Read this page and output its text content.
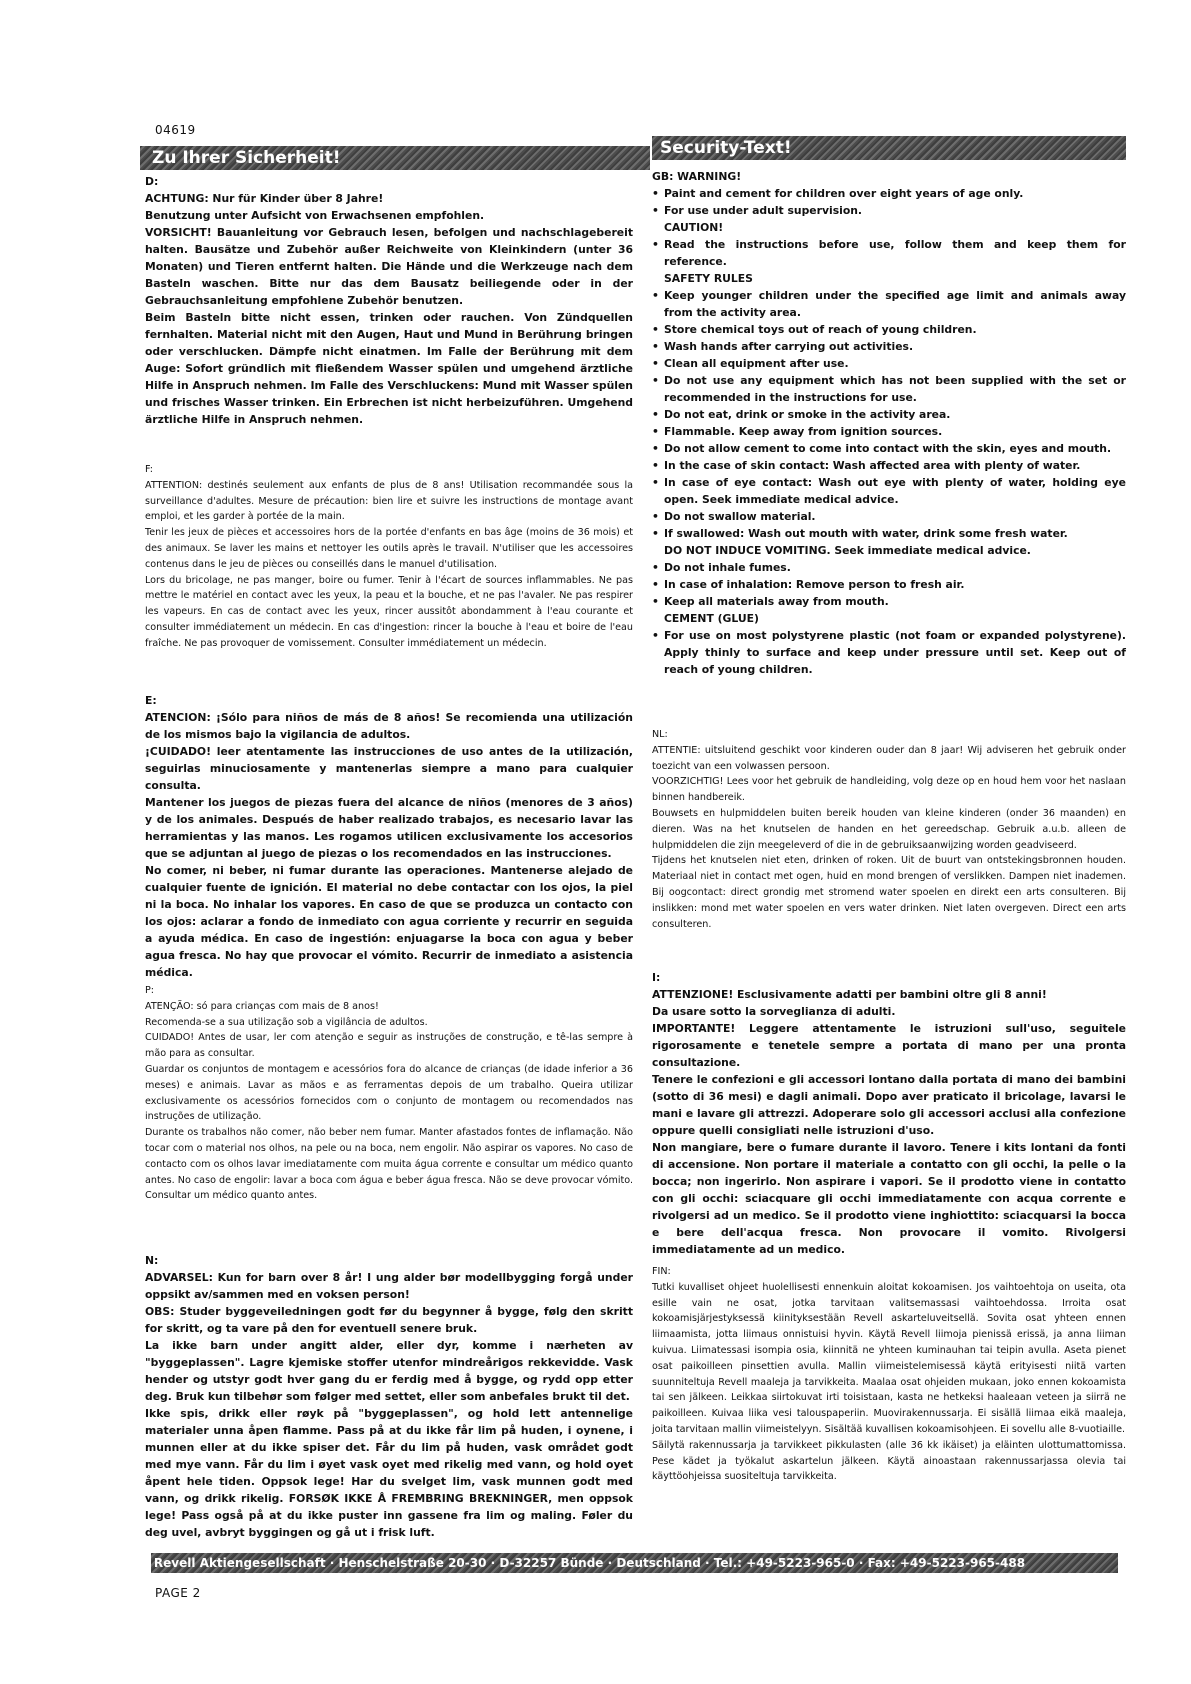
04619
Zu Ihrer Sicherheit!	Security-Text!

D:

ACHTUNG: Nur für Kinder über 8 Jahre!

Benutzung unter Aufsicht von Erwachsenen empfohlen.

VORSICHT! Bauanleitung vor Gebrauch lesen, befolgen und nachschlagebereit halten. Bausätze und Zubehör außer Reichweite von Kleinkindern (unter 36 Monaten) und Tieren entfernt halten. Die Hände und die Werkzeuge nach dem Basteln waschen. Bitte nur das dem Bausatz beiliegende oder in der Gebrauchsanleitung empfohlene Zubehör benutzen.

Beim Basteln bitte nicht essen, trinken oder rauchen. Von Zündquellen fernhalten. Material nicht mit den Augen, Haut und Mund in Berührung bringen oder verschlucken. Dämpfe nicht einatmen. Im Falle der Berührung mit dem Auge: Sofort gründlich mit fließendem Wasser spülen und umgehend ärztliche Hilfe in Anspruch nehmen. Im Falle des Verschluckens: Mund mit Wasser spülen und frisches Wasser trinken. Ein Erbrechen ist nicht herbeizuführen. Umgehend ärztliche Hilfe in Anspruch nehmen.

F:

ATTENTION: destinés seulement aux enfants de plus de 8 ans! Utilisation recommandée sous la surveillance d'adultes. Mesure de précaution: bien lire et suivre les instructions de montage avant emploi, et les garder à portée de la main.

Tenir les jeux de pièces et accessoires hors de la portée d'enfants en bas âge (moins de 36 mois) et des animaux. Se laver les mains et nettoyer les outils après le travail. N'utiliser que les accessoires contenus dans le jeu de pièces ou conseillés dans le manuel d'utilisation.

Lors du bricolage, ne pas manger, boire ou fumer. Tenir à l'écart de sources inflammables. Ne pas mettre le matériel en contact avec les yeux, la peau et la bouche, et ne pas l'avaler. Ne pas respirer les vapeurs. En cas de contact avec les yeux, rincer aussitôt abondamment à l'eau courante et consulter immédiatement un médecin. En cas d'ingestion: rincer la bouche à l'eau et boire de l'eau fraîche. Ne pas provoquer de vomissement. Consulter immédiatement un médecin.

E:

ATENCION: ¡Sólo para niños de más de 8 años! Se recomienda una utilización de los mismos bajo la vigilancia de adultos.

¡CUIDADO! leer atentamente las instrucciones de uso antes de la utilización, seguirlas minuciosamente y mantenerlas siempre a mano para cualquier consulta.

Mantener los juegos de piezas fuera del alcance de niños (menores de 3 años) y de los animales. Después de haber realizado trabajos, es necesario lavar las herramientas y las manos. Les rogamos utilicen exclusivamente los accesorios que se adjuntan al juego de piezas o los recomendados en las instrucciones.

No comer, ni beber, ni fumar durante las operaciones. Mantenerse alejado de cualquier fuente de ignición. El material no debe contactar con los ojos, la piel ni la boca. No inhalar los vapores. En caso de que se produzca un contacto con los ojos: aclarar a fondo de inmediato con agua corriente y recurrir en seguida a ayuda médica. En caso de ingestión: enjuagarse la boca con agua y beber agua fresca. No hay que provocar el vómito. Recurrir de inmediato a asistencia médica.

P:

ATENÇÃO: só para crianças com mais de 8 anos!

Recomenda-se a sua utilização sob a vigilância de adultos.

CUIDADO! Antes de usar, ler com atenção e seguir as instruções de construção, e tê-las sempre à mão para as consultar.

Guardar os conjuntos de montagem e acessórios fora do alcance de crianças (de idade inferior a 36 meses) e animais. Lavar as mãos e as ferramentas depois de um trabalho. Queira utilizar exclusivamente os acessórios fornecidos com o conjunto de montagem ou recomendados nas instruções de utilização.

Durante os trabalhos não comer, não beber nem fumar. Manter afastados fontes de inflamação. Não tocar com o material nos olhos, na pele ou na boca, nem engolir. Não aspirar os vapores. No caso de contacto com os olhos lavar imediatamente com muita água corrente e consultar um médico quanto antes. No caso de engolir: lavar a boca com água e beber água fresca. Não se deve provocar vómito. Consultar um médico quanto antes.

N:

ADVARSEL: Kun for barn over 8 år! I ung alder bør modellbygging forgå under oppsikt av/sammen med en voksen person!

OBS: Studer byggeveiledningen godt før du begynner å bygge, følg den skritt for skritt, og ta vare på den for eventuell senere bruk.

La ikke barn under angitt alder, eller dyr, komme i nærheten av "byggeplassen". Lagre kjemiske stoffer utenfor mindreårigos rekkevidde. Vask hender og utstyr godt hver gang du er ferdig med å bygge, og rydd opp etter deg. Bruk kun tilbehør som følger med settet, eller som anbefales brukt til det.

Ikke spis, drikk eller røyk på "byggeplassen", og hold lett antennelige materialer unna åpen flamme. Pass på at du ikke får lim på huden, i oynene, i munnen eller at du ikke spiser det. Får du lim på huden, vask området godt med mye vann. Får du lim i øyet vask oyet med rikelig med vann, og hold oyet åpent hele tiden. Oppsok lege! Har du svelget lim, vask munnen godt med vann, og drikk rikelig. FORSØK IKKE Å FREMBRING BREKNINGER, men oppsok lege! Pass også på at du ikke puster inn gassene fra lim og maling. Føler du deg uvel, avbryt byggingen og gå ut i frisk luft.

GB: WARNING!

• Paint and cement for children over eight years of age only.
• For use under adult supervision.

CAUTION!

• Read the instructions before use, follow them and keep them for reference.

SAFETY RULES

• Keep younger children under the specified age limit and animals away from the activity area.
• Store chemical toys out of reach of young children.
• Wash hands after carrying out activities.
• Clean all equipment after use.
• Do not use any equipment which has not been supplied with the set or recommended in the instructions for use.
• Do not eat, drink or smoke in the activity area.
• Flammable. Keep away from ignition sources.
• Do not allow cement to come into contact with the skin, eyes and mouth.
• In the case of skin contact: Wash affected area with plenty of water.
• In case of eye contact: Wash out eye with plenty of water, holding eye open. Seek immediate medical advice.
• Do not swallow material.
• If swallowed: Wash out mouth with water, drink some fresh water.

DO NOT INDUCE VOMITING. Seek immediate medical advice.

• Do not inhale fumes.
• In case of inhalation: Remove person to fresh air.
• Keep all materials away from mouth.

CEMENT (GLUE)

• For use on most polystyrene plastic (not foam or expanded polystyrene). Apply thinly to surface and keep under pressure until set. Keep out of reach of young children.

NL:

ATTENTIE: uitsluitend geschikt voor kinderen ouder dan 8 jaar! Wij adviseren het gebruik onder toezicht van een volwassen persoon.

VOORZICHTIG! Lees voor het gebruik de handleiding, volg deze op en houd hem voor het naslaan binnen handbereik.

Bouwsets en hulpmiddelen buiten bereik houden van kleine kinderen (onder 36 maanden) en dieren. Was na het knutselen de handen en het gereedschap. Gebruik a.u.b. alleen de hulpmiddelen die zijn meegeleverd of die in de gebruiksaanwijzing worden geadviseerd.

Tijdens het knutselen niet eten, drinken of roken. Uit de buurt van ontstekingsbronnen houden. Materiaal niet in contact met ogen, huid en mond brengen of verslikken. Dampen niet inademen. Bij oogcontact: direct grondig met stromend water spoelen en direkt een arts consulteren. Bij inslikken: mond met water spoelen en vers water drinken. Niet laten overgeven. Direct een arts consulteren.

I:

ATTENZIONE! Esclusivamente adatti per bambini oltre gli 8 anni!

Da usare sotto la sorveglianza di adulti.

IMPORTANTE! Leggere attentamente le istruzioni sull'uso, seguitele rigorosamente e tenetele sempre a portata di mano per una pronta consultazione.

Tenere le confezioni e gli accessori lontano dalla portata di mano dei bambini (sotto di 36 mesi) e dagli animali. Dopo aver praticato il bricolage, lavarsi le mani e lavare gli attrezzi. Adoperare solo gli accessori acclusi alla confezione oppure quelli consigliati nelle istruzioni d'uso.

Non mangiare, bere o fumare durante il lavoro. Tenere i kits lontani da fonti di accensione. Non portare il materiale a contatto con gli occhi, la pelle o la bocca; non ingerirlo. Non aspirare i vapori. Se il prodotto viene in contatto con gli occhi: sciacquare gli occhi immediatamente con acqua corrente e rivolgersi ad un medico. Se il prodotto viene inghiottito: sciacquarsi la bocca e bere dell'acqua fresca. Non provocare il vomito. Rivolgersi immediatamente ad un medico.

FIN:

Tutki kuvalliset ohjeet huolellisesti ennenkuin aloitat kokoamisen. Jos vaihtoehtoja on useita, ota esille vain ne osat, jotka tarvitaan valitsemassasi vaihtoehdossa. Irroita osat kokoamisjärjestyksessä kiinityksestään Revell askarteluveitsellä. Sovita osat yhteen ennen liimaamista, jotta liimaus onnistuisi hyvin. Käytä Revell liimoja pienissä erissä, ja anna liiman kuivua. Liimatessasi isompia osia, kiinnitä ne yhteen kuminauhan tai teipin avulla. Aseta pienet osat paikoilleen pinsettien avulla. Mallin viimeistelemisessä käytä erityisesti niitä varten suunniteltuja Revell maaleja ja tarvikkeita. Maalaa osat ohjeiden mukaan, joko ennen kokoamista tai sen jälkeen. Leikkaa siirtokuvat irti toisistaan, kasta ne hetkeksi haaleaan veteen ja siirrä ne paikoilleen. Kuivaa liika vesi talouspaperiin. Muovirakennussarja. Ei sisällä liimaa eikä maaleja, joita tarvitaan mallin viimeistelyyn. Sisältää kuvallisen kokoamisohjeen. Ei sovellu alle 8-vuotiaille.

Säilytä rakennussarja ja tarvikkeet pikkulasten (alle 36 kk ikäiset) ja eläinten ulottumattomissa. Pese kädet ja työkalut askartelun jälkeen. Käytä ainoastaan rakennussarjassa olevia tai käyttöohjeissa suositeltuja tarvikkeita.

Revell Aktiengesellschaft · Henschelstraße 20-30 · D-32257 Bünde · Deutschland · Tel.: +49-5223-965-0 · Fax: +49-5223-965-488
PAGE 2
